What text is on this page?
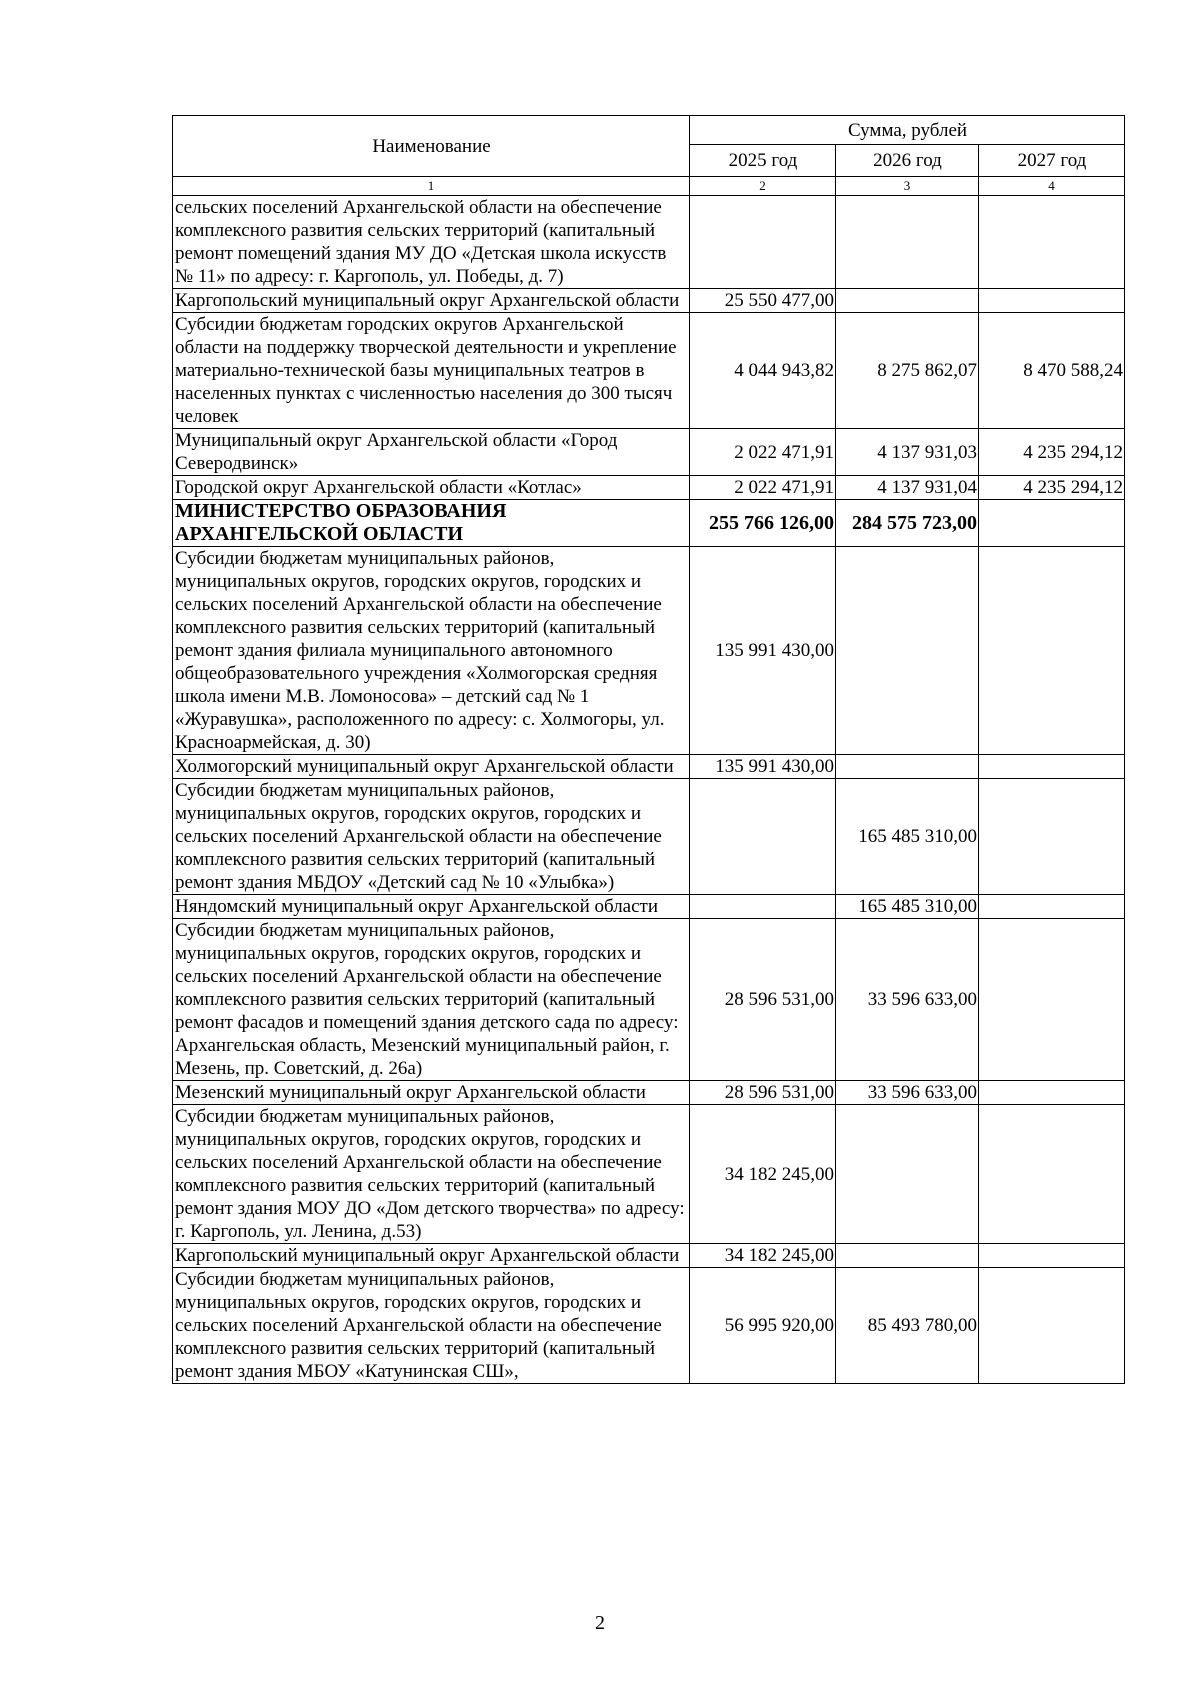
Наименование	Сумма, рублей		
	2025 год	2026 год	2027 год
1	2	3	4
сельских поселений Архангельской области на обеспечение комплексного развития сельских территорий (капитальный ремонт помещений здания МУ ДО «Детская школа искусств № 11» по адресу: г. Каргополь, ул. Победы, д. 7)			
Каргопольский муниципальный округ Архангельской области	25 550 477,00		
Субсидии бюджетам городских округов Архангельской области на поддержку творческой деятельности и укрепление материально-технической базы муниципальных театров в населенных пунктах с численностью населения до 300 тысяч человек	4 044 943,82	8 275 862,07	8 470 588,24
Муниципальный округ Архангельской области «Город Северодвинск»	2 022 471,91	4 137 931,03	4 235 294,12
Городской округ Архангельской области «Котлас»	2 022 471,91	4 137 931,04	4 235 294,12
МИНИСТЕРСТВО ОБРАЗОВАНИЯ АРХАНГЕЛЬСКОЙ ОБЛАСТИ	255 766 126,00	284 575 723,00	
Субсидии бюджетам муниципальных районов, муниципальных округов, городских округов, городских и сельских поселений Архангельской области на обеспечение комплексного развития сельских территорий (капитальный ремонт здания филиала муниципального автономного общеобразовательного учреждения «Холмогорская средняя школа имени М.В. Ломоносова» – детский сад № 1 «Журавушка», расположенного по адресу: с. Холмогоры, ул. Красноармейская, д. 30)	135 991 430,00		
Холмогорский муниципальный округ Архангельской области	135 991 430,00		
Субсидии бюджетам муниципальных районов, муниципальных округов, городских округов, городских и сельских поселений Архангельской области на обеспечение комплексного развития сельских территорий (капитальный ремонт здания МБДОУ «Детский сад № 10 «Улыбка»)		165 485 310,00	
Няндомский муниципальный округ Архангельской области		165 485 310,00	
Субсидии бюджетам муниципальных районов, муниципальных округов, городских округов, городских и сельских поселений Архангельской области на обеспечение комплексного развития сельских территорий (капитальный ремонт фасадов и помещений здания детского сада по адресу: Архангельская область, Мезенский муниципальный район, г. Мезень, пр. Советский, д. 26а)	28 596 531,00	33 596 633,00	
Мезенский муниципальный округ Архангельской области	28 596 531,00	33 596 633,00	
Субсидии бюджетам муниципальных районов, муниципальных округов, городских округов, городских и сельских поселений Архангельской области на обеспечение комплексного развития сельских территорий (капитальный ремонт здания МОУ ДО «Дом детского творчества» по адресу: г. Каргополь, ул. Ленина, д.53)	34 182 245,00		
Каргопольский муниципальный округ Архангельской области	34 182 245,00		
Субсидии бюджетам муниципальных районов, муниципальных округов, городских округов, городских и сельских поселений Архангельской области на обеспечение комплексного развития сельских территорий (капитальный ремонт здания МБОУ «Катунинская СШ»,	56 995 920,00	85 493 780,00	
2
